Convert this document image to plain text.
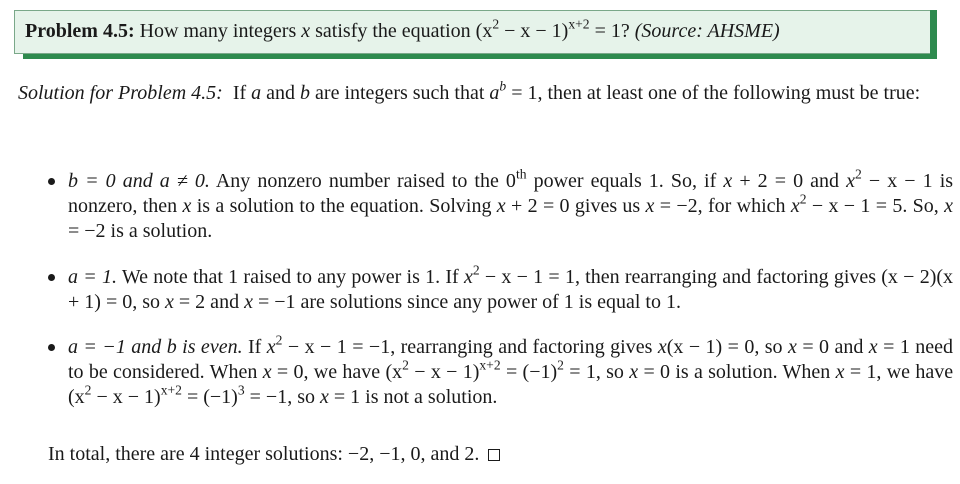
Problem 4.5: How many integers x satisfy the equation $(x^2 - x - 1)^{x+2} = 1$? (Source: AHSME)
Solution for Problem 4.5: If a and b are integers such that $a^b = 1$, then at least one of the following must be true:
b = 0 and a ≠ 0. Any nonzero number raised to the 0th power equals 1. So, if x + 2 = 0 and $x^2 - x - 1$ is nonzero, then x is a solution to the equation. Solving x + 2 = 0 gives us x = −2, for which $x^2 - x - 1 = 5$. So, x = −2 is a solution.
a = 1. We note that 1 raised to any power is 1. If $x^2 - x - 1 = 1$, then rearranging and factoring gives (x − 2)(x + 1) = 0, so x = 2 and x = −1 are solutions since any power of 1 is equal to 1.
a = −1 and b is even. If $x^2 - x - 1 = -1$, rearranging and factoring gives x(x − 1) = 0, so x = 0 and x = 1 need to be considered. When x = 0, we have $(x^2 - x - 1)^{x+2} = (-1)^2 = 1$, so x = 0 is a solution. When x = 1, we have $(x^2 - x - 1)^{x+2} = (-1)^3 = -1$, so x = 1 is not a solution.
In total, there are 4 integer solutions: −2, −1, 0, and 2.
